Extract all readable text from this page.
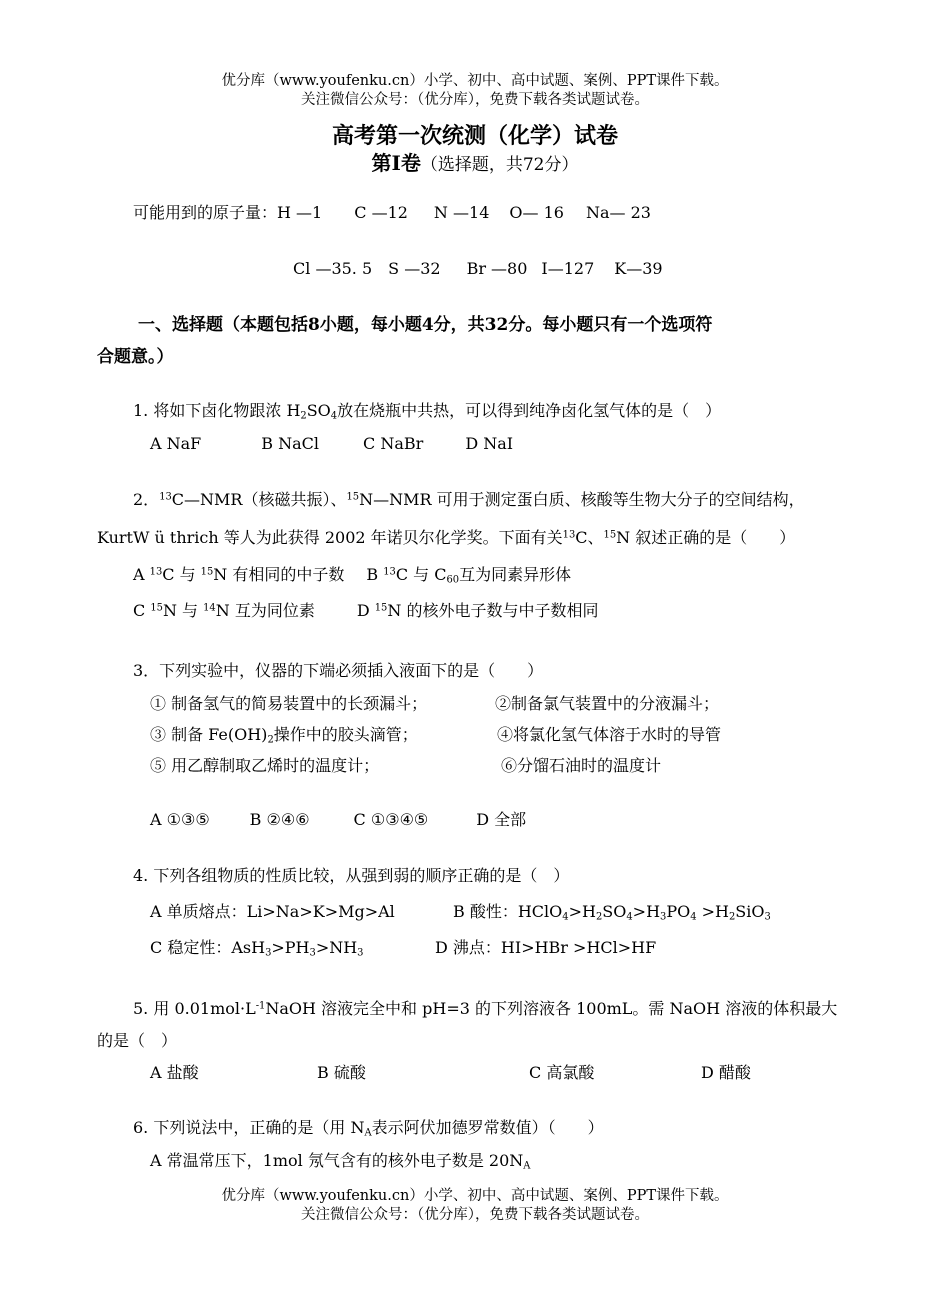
优分库（www.youfenku.cn）小学、初中、高中试题、案例、PPT课件下载。
关注微信公众号：（优分库），免费下载各类试题试卷。
高考第一次统测（化学）试卷
第I卷（选择题，共72分）
可能用到的原子量：H —1 C —12 N —14 O— 16 Na— 23
Cl —35. 5 S —32 Br —80 I—127 K—39
一、选择题（本题包括8小题，每小题4分，共32分。每小题只有一个选项符
合题意。）
1. 将如下卤化物跟浓 $H_2SO_4$放在烧瓶中共热，可以得到纯净卤化氢气体的是（　）
A NaF	B NaCl	C NaBr	D NaI
2．$^{13}$C—NMR（核磁共振）、$^{15}$N—NMR 可用于测定蛋白质、核酸等生物大分子的空间结构，
KurtW ü thrich 等人为此获得 2002 年诺贝尔化学奖。下面有关$^{13}$C、$^{15}$N 叙述正确的是（　　）
A $^{13}$C 与 $^{15}$N 有相同的中子数 B $^{13}$C 与 $C_{60}$互为同素异形体
C $^{15}$N 与 $^{14}$N 互为同位素	D $^{15}$N 的核外电子数与中子数相同
3．下列实验中，仪器的下端必须插入液面下的是（　　）
① 制备氢气的简易装置中的长颈漏斗；	②制备氯气装置中的分液漏斗；
③ 制备 $Fe(OH)_2$操作中的胶头滴管；	④将氯化氢气体溶于水时的导管
⑤ 用乙醇制取乙烯时的温度计；	⑥分馏石油时的温度计
A ①③⑤	B ②④⑥	C ①③④⑤	D 全部
4. 下列各组物质的性质比较，从强到弱的顺序正确的是（　）
A 单质熔点：Li>Na>K>Mg>Al	B 酸性：$HClO_4>H_2SO_4>H_3PO_4 >H_2SiO_3$
C 稳定性：$AsH_3>PH_3>NH_3$	D 沸点：HI>HBr >HCl>HF
5. 用 $0.01mol\cdot L^{-1}NaOH$ 溶液完全中和 pH=3 的下列溶液各 100mL。需 NaOH 溶液的体积最大
的是（　）
A 盐酸	B 硫酸	C 高氯酸	D 醋酸
6. 下列说法中，正确的是（用 $N_A$表示阿伏加德罗常数值）（　　）
A 常温常压下，1mol 氖气含有的核外电子数是 $20N_A$
优分库（www.youfenku.cn）小学、初中、高中试题、案例、PPT课件下载。
关注微信公众号：（优分库），免费下载各类试题试卷。
